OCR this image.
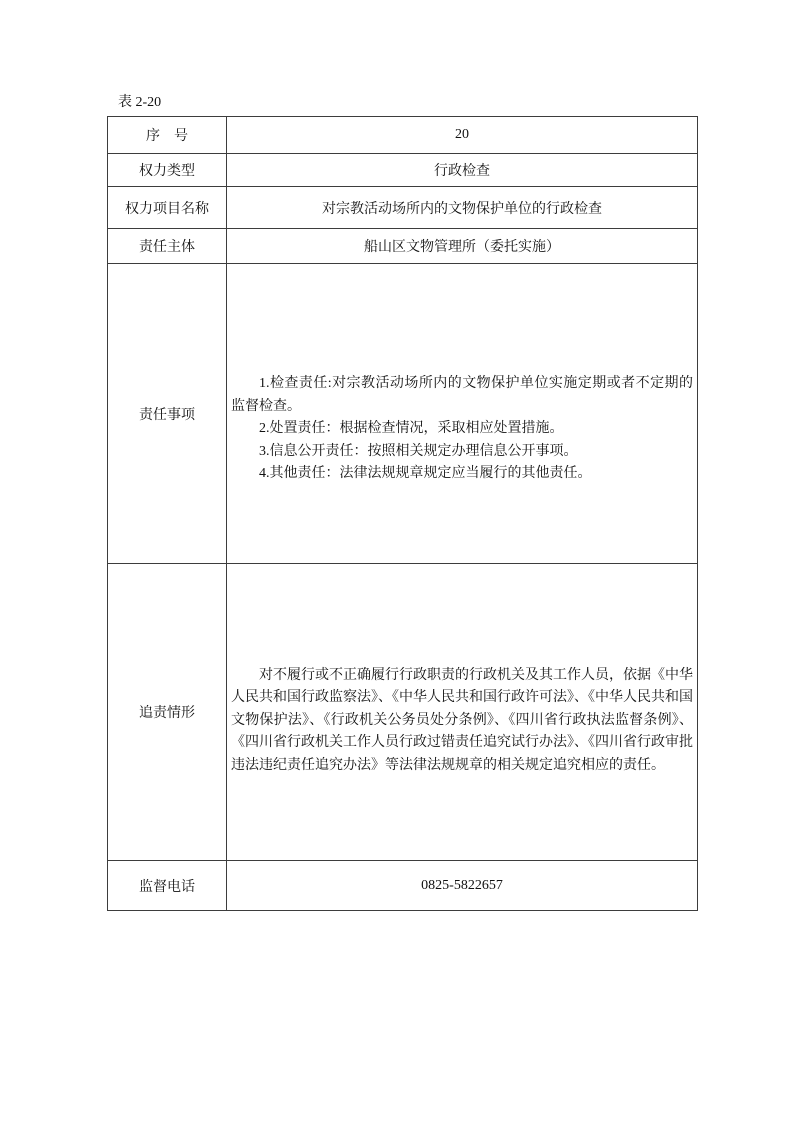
表 2-20
序　号	20
权力类型	行政检查
权力项目名称	对宗教活动场所内的文物保护单位的行政检查
责任主体	船山区文物管理所（委托实施）
责任事项	1.检查责任:对宗教活动场所内的文物保护单位实施定期或者不定期的监督检查。

2.处置责任：根据检查情况，采取相应处置措施。

3.信息公开责任：按照相关规定办理信息公开事项。

4.其他责任：法律法规规章规定应当履行的其他责任。

追责情形	对不履行或不正确履行行政职责的行政机关及其工作人员，依据《中华人民共和国行政监察法》、《中华人民共和国行政许可法》、《中华人民共和国文物保护法》、《行政机关公务员处分条例》、《四川省行政执法监督条例》、《四川省行政机关工作人员行政过错责任追究试行办法》、《四川省行政审批违法违纪责任追究办法》等法律法规规章的相关规定追究相应的责任。

监督电话	0825-5822657
